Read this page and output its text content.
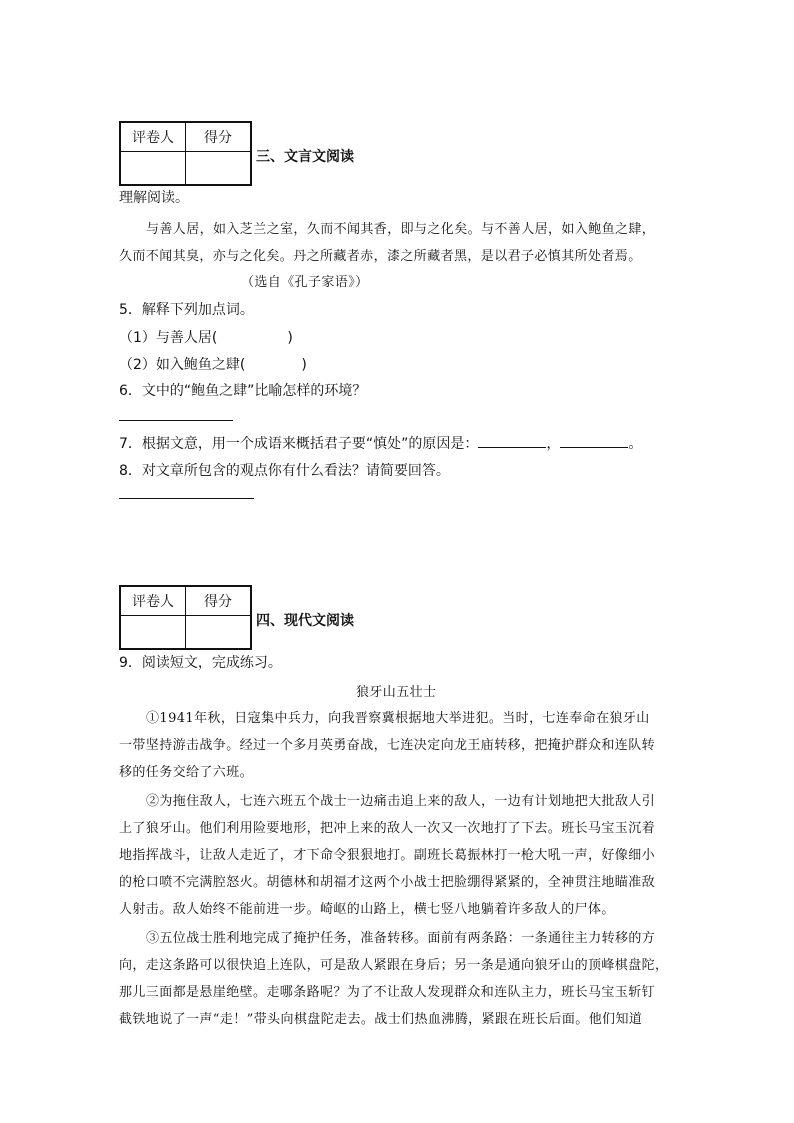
评卷人	得分

三、文言文阅读
理解阅读。
与善人居，如入芝兰之室，久而不闻其香，即与之化矣。与不善人居，如入鲍鱼之肆，
久而不闻其臭，亦与之化矣。丹之所藏者赤，漆之所藏者黑，是以君子必慎其所处者焉。
（选自《孔子家语》）
5．解释下列加点词。
（1）与善人居(　　　　　)
（2）如入鲍鱼之肆(　　　　)
6．文中的“鲍鱼之肆”比喻怎样的环境？
7．根据文意，用一个成语来概括君子要“慎处”的原因是：	，	。
8．对文章所包含的观点你有什么看法？请简要回答。
评卷人	得分

四、现代文阅读
9．阅读短文，完成练习。
狼牙山五壮士
①1941年秋，日寇集中兵力，向我晋察冀根据地大举进犯。当时，七连奉命在狼牙山
一带坚持游击战争。经过一个多月英勇奋战，七连决定向龙王庙转移，把掩护群众和连队转
移的任务交给了六班。
②为拖住敌人，七连六班五个战士一边痛击追上来的敌人，一边有计划地把大批敌人引
上了狼牙山。他们利用险要地形，把冲上来的敌人一次又一次地打了下去。班长马宝玉沉着
地指挥战斗，让敌人走近了，才下命令狠狠地打。副班长葛振林打一枪大吼一声，好像细小
的枪口喷不完满腔怒火。胡德林和胡福才这两个小战士把脸绷得紧紧的，全神贯注地瞄准敌
人射击。敌人始终不能前进一步。崎岖的山路上，横七竖八地躺着许多敌人的尸体。
③五位战士胜利地完成了掩护任务，准备转移。面前有两条路：一条通往主力转移的方
向，走这条路可以很快追上连队，可是敌人紧跟在身后；另一条是通向狼牙山的顶峰棋盘陀，
那儿三面都是悬崖绝壁。走哪条路呢？为了不让敌人发现群众和连队主力，班长马宝玉斩钉
截铁地说了一声“走！”带头向棋盘陀走去。战士们热血沸腾，紧跟在班长后面。他们知道
